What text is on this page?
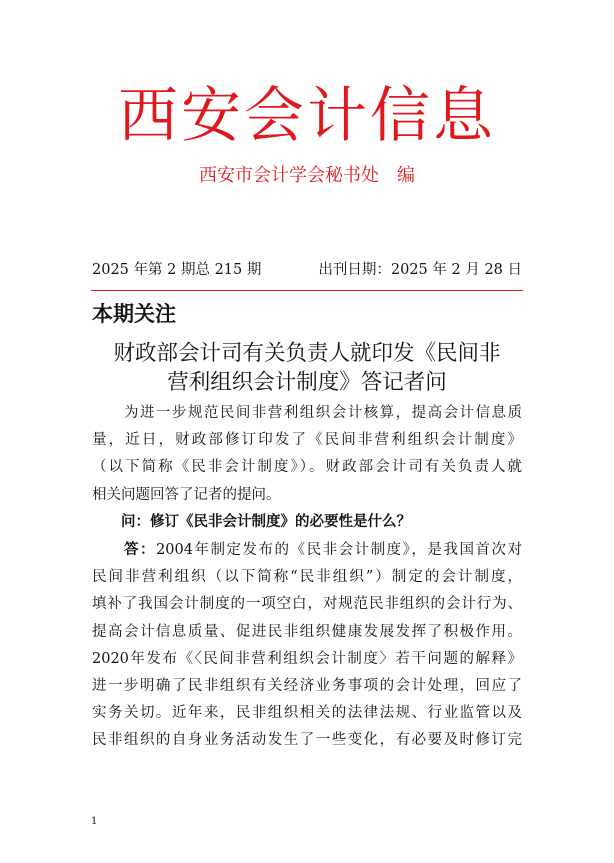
西安会计信息
西安市会计学会秘书处　编
2025 年第 2 期总 215 期	出刊日期：2025 年 2 月 28 日
本期关注
财政部会计司有关负责人就印发《民间非
营利组织会计制度》答记者问
　　为进一步规范民间非营利组织会计核算，提高会计信息质
量，近日，财政部修订印发了《民间非营利组织会计制度》
（以下简称《民非会计制度》）。财政部会计司有关负责人就
相关问题回答了记者的提问。
　　问：修订《民非会计制度》的必要性是什么？
　　答：2004年制定发布的《民非会计制度》，是我国首次对
民间非营利组织（以下简称“民非组织”）制定的会计制度，
填补了我国会计制度的一项空白，对规范民非组织的会计行为、
提高会计信息质量、促进民非组织健康发展发挥了积极作用。
2020年发布《〈民间非营利组织会计制度〉若干问题的解释》
进一步明确了民非组织有关经济业务事项的会计处理，回应了
实务关切。近年来，民非组织相关的法律法规、行业监管以及
民非组织的自身业务活动发生了一些变化，有必要及时修订完
1
